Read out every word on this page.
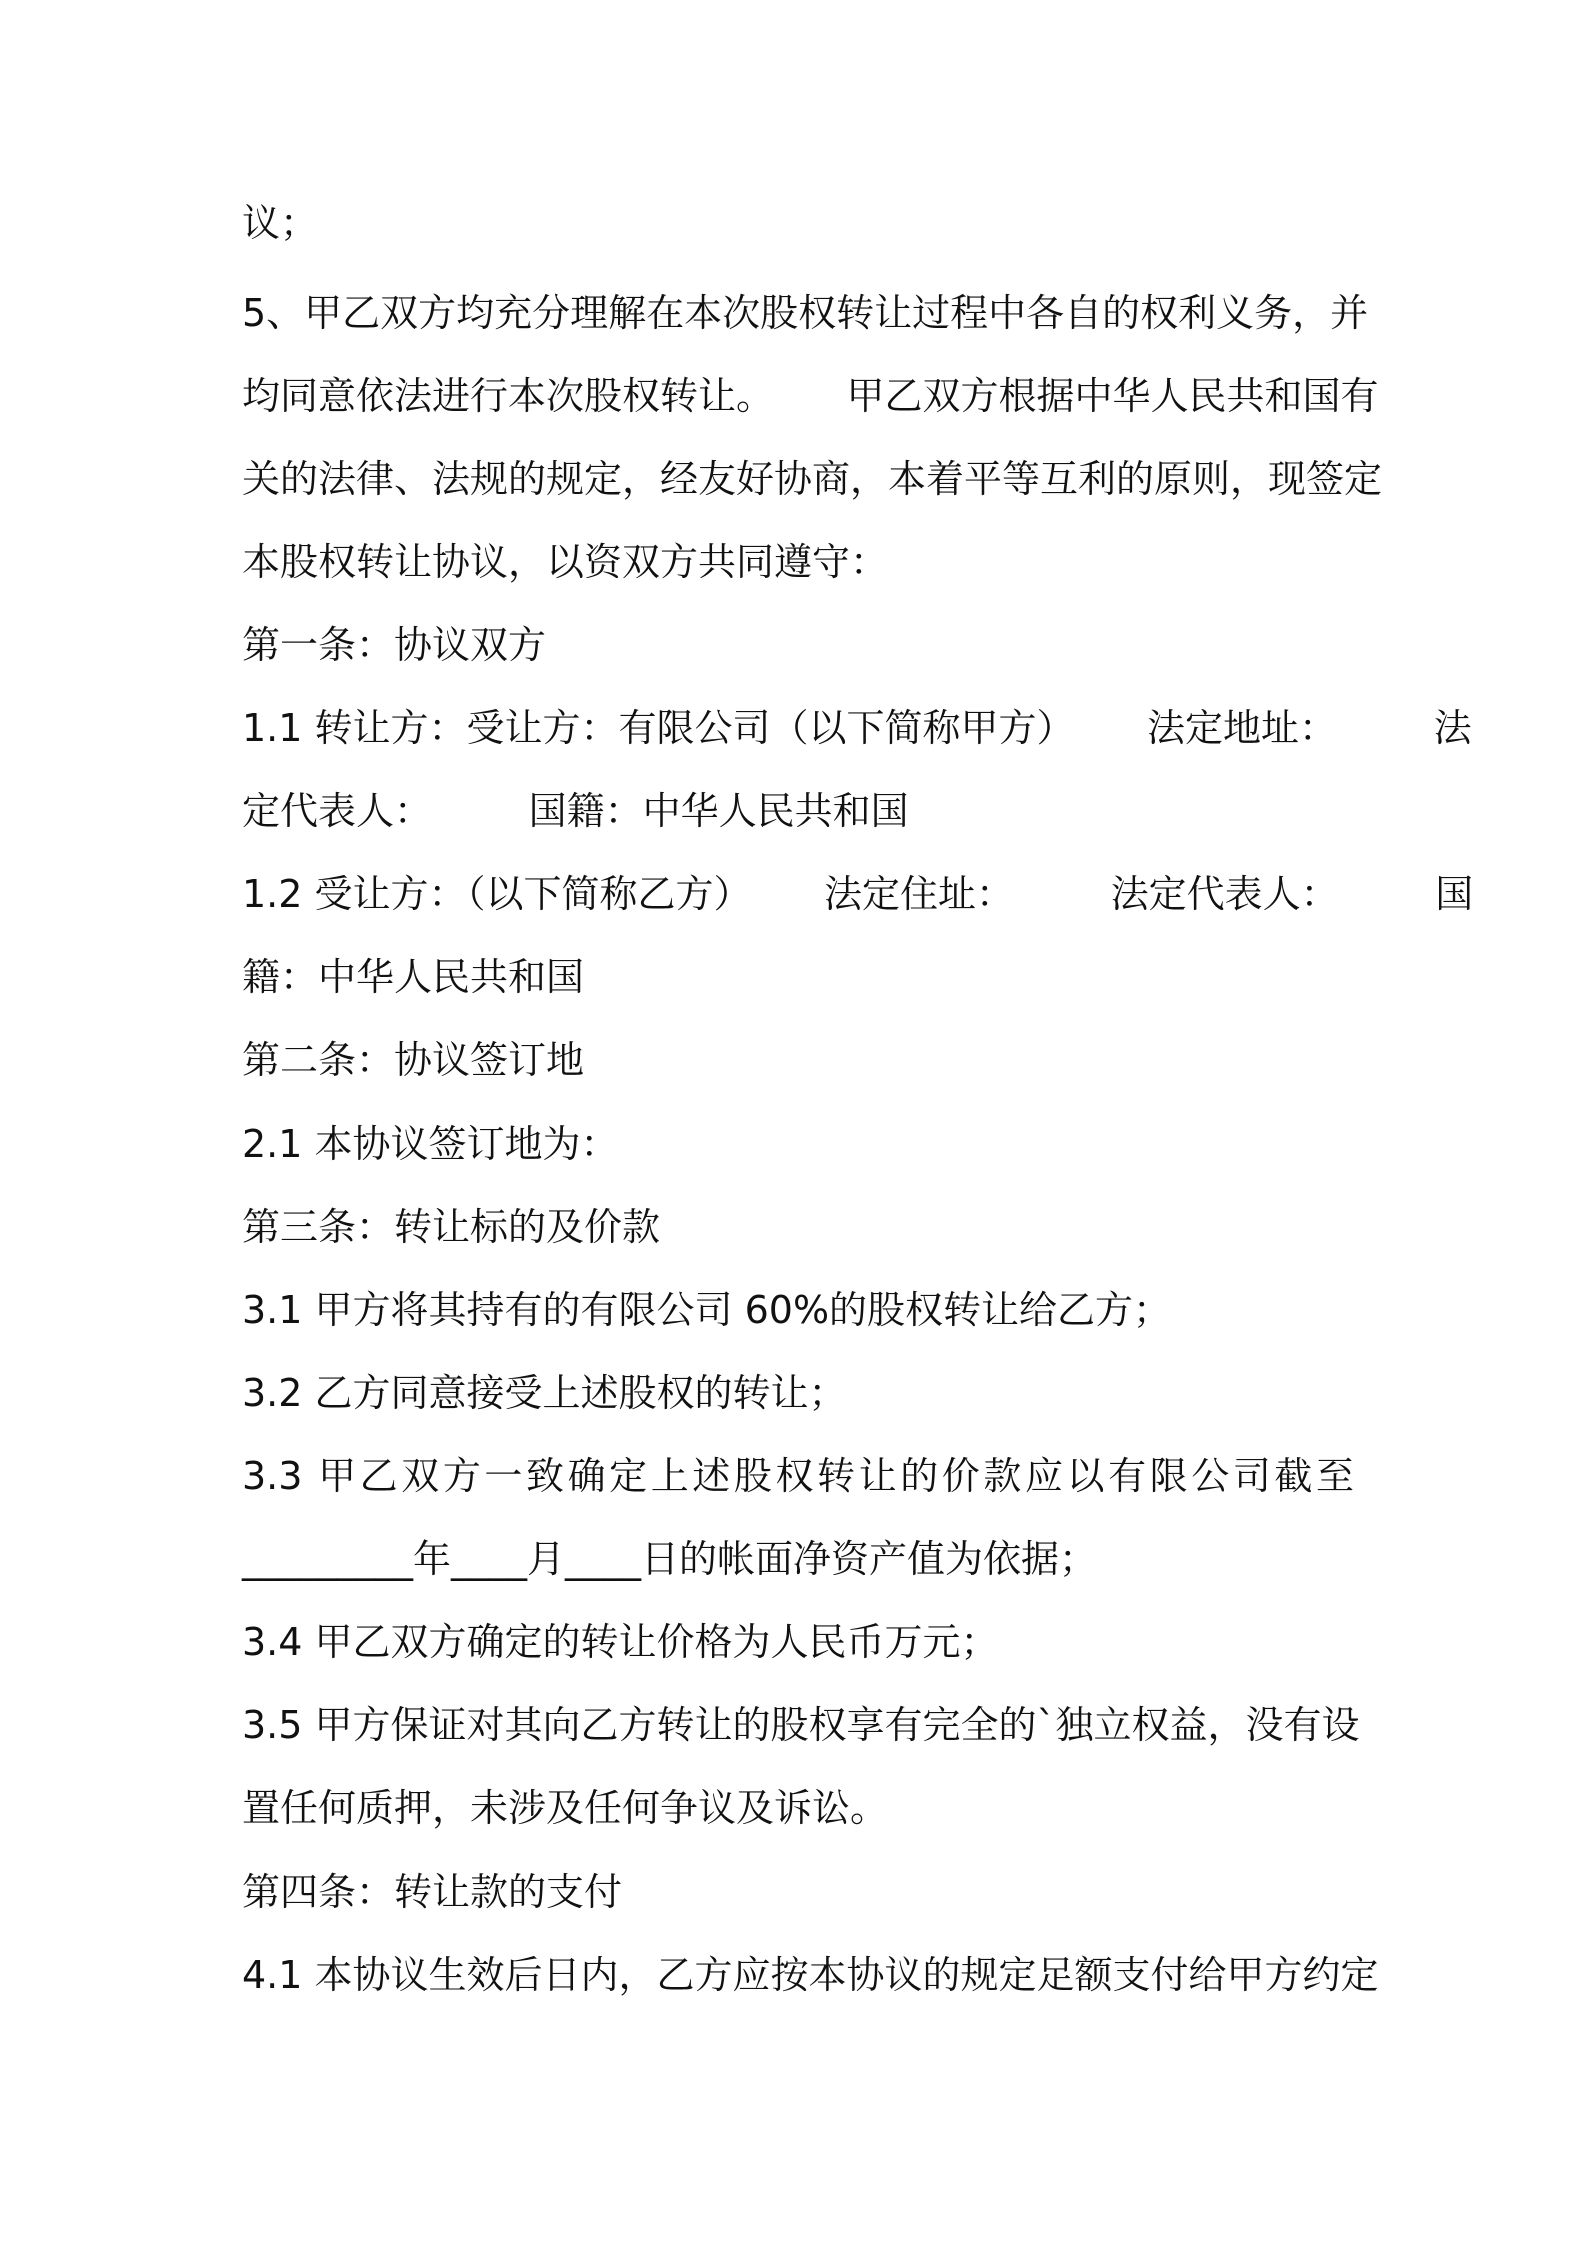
议；
5、甲乙双方均充分理解在本次股权转让过程中各自的权利义务，并
均同意依法进行本次股权转让。      甲乙双方根据中华人民共和国有
关的法律、法规的规定，经友好协商，本着平等互利的原则，现签定
本股权转让协议，以资双方共同遵守：
第一条：协议双方
1.1 转让方：受让方：有限公司（以下简称甲方）      法定地址：        法
定代表人：        国籍：中华人民共和国
1.2 受让方：（以下简称乙方）      法定住址：        法定代表人：        国
籍：中华人民共和国
第二条：协议签订地
2.1 本协议签订地为：
第三条：转让标的及价款
3.1 甲方将其持有的有限公司 60%的股权转让给乙方；
3.2 乙方同意接受上述股权的转让；
3.3 甲乙双方一致确定上述股权转让的价款应以有限公司截至
_________年____月____日的帐面净资产值为依据；
3.4 甲乙双方确定的转让价格为人民币万元；
3.5 甲方保证对其向乙方转让的股权享有完全的`独立权益，没有设
置任何质押，未涉及任何争议及诉讼。
第四条：转让款的支付
4.1 本协议生效后日内，乙方应按本协议的规定足额支付给甲方约定
